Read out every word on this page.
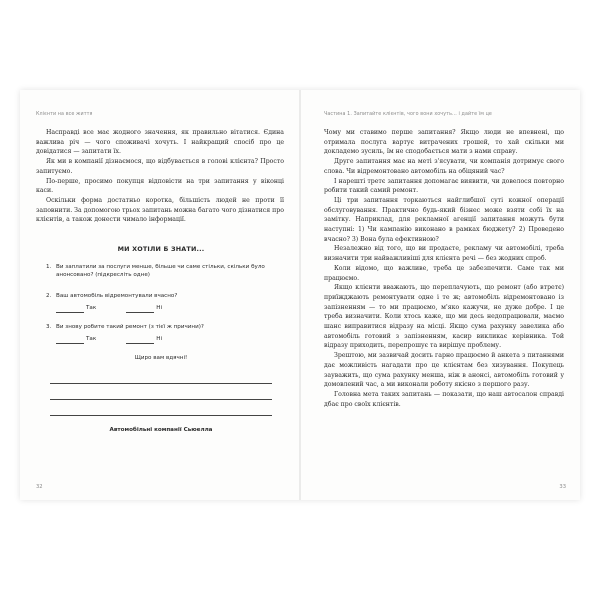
Клієнти на все життя

Насправді все має жодного значення, як правильно вітатися. Єдина важлива річ — чого споживачі хочуть. І найкращий спосіб про це довідатися — запитати їх.

Як ми в компанії дізнаємося, що відбувається в голові клієнта? Просто запитуємо.

По-перше, просимо покупця відповісти на три запитання у віконці каси.

Оскільки форма достатньо коротка, більшість людей не проти її заповнити. За допомогою трьох запитань можна багато чого дізнатися про клієнтів, а також донести чимало інформації.

МИ ХОТІЛИ Б ЗНАТИ...
1. Ви заплатили за послуги менше, більше чи саме стільки, скільки було анонсовано? (підкресліть одне)
2. Ваш автомобіль відремонтували вчасно?
Так	Ні
3. Ви знову робите такий ремонт (з тієї ж причини)?
Так	Ні
Щиро вам вдячні!
Автомобільні компанії Сьюелла
32
Частина 1. Запитайте клієнтів, чого вони хочуть... і дайте їм це

Чому ми ставимо перше запитання? Якщо люди не впевнені, що отримала послуга вартує витрачених грошей, то хай скільки ми докладемо зусиль, їм не сподобається мати з нами справу.

Друге запитання має на меті з'ясувати, чи компанія дотримує свого слова. Чи відремонтовано автомобіль на обіцяний час?

І нарешті третє запитання допомагає виявити, чи довелося повторно робити такий самий ремонт.

Ці три запитання торкаються найглибшої суті кожної операції обслуговування. Практично будь-який бізнес може взяти собі їх на замітку. Наприклад, для рекламної агенції запитання можуть бути наступні: 1) Чи кампанію виконано в рамках бюджету? 2) Проведено вчасно? 3) Вона була ефективною?

Незалежно від того, що ви продаєте, рекламу чи автомобілі, треба визначити три найважливіші для клієнта речі — без жодних спроб.

Коли відомо, що важливе, треба це забезпечити. Саме так ми працюємо.

Якщо клієнти вважають, що переплачують, що ремонт (або втретє) приїжджають ремонтувати одне і те ж; автомобіль відремонтовано із запізненням — то ми працюємо, м'яко кажучи, не дуже добре. І це треба визначити. Коли хтось каже, що ми десь недопрацювали, маємо шанс виправитися відразу на місці. Якщо сума рахунку завелика або автомобіль готовий з запізненням, касир викликає керівника. Той відразу приходить, перепрошує та вирішує проблему.

Зрештою, ми зазвичай досить гарно працюємо й анкета з питаннями дає можливість нагадати про це клієнтам без хизування. Покупець зауважить, що сума рахунку менша, ніж в анонсі, автомобіль готовий у домовлений час, а ми виконали роботу якісно з першого разу.

Головна мета таких запитань — показати, що наш автосалон справді дбає про своїх клієнтів.

33
